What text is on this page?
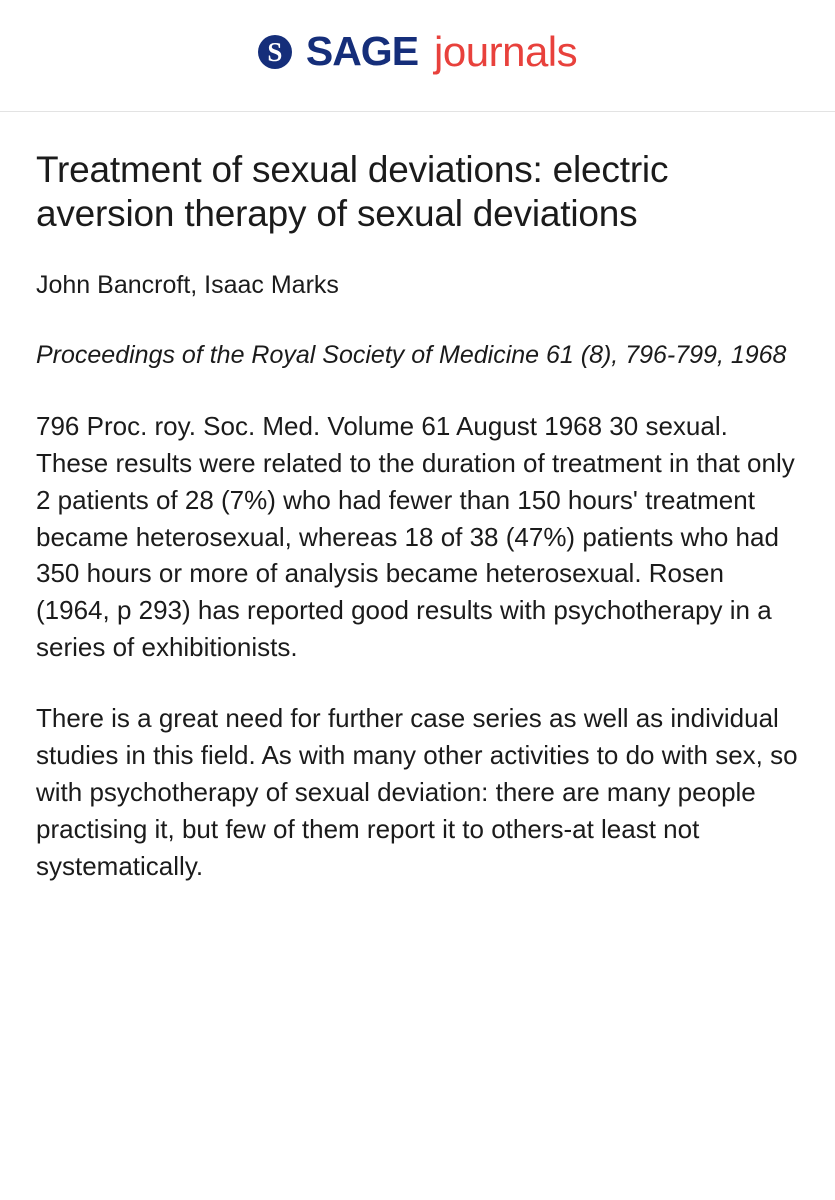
S SAGE journals
Treatment of sexual deviations: electric aversion therapy of sexual deviations
John Bancroft, Isaac Marks
Proceedings of the Royal Society of Medicine 61 (8), 796-799, 1968

796 Proc. roy. Soc. Med. Volume 61 August 1968 30 sexual. These results were related to the duration of treatment in that only 2 patients of 28 (7%) who had fewer than 150 hours' treatment became heterosexual, whereas 18 of 38 (47%) patients who had 350 hours or more of analysis became heterosexual. Rosen (1964, p 293) has reported good results with psychotherapy in a series of exhibitionists.

There is a great need for further case series as well as individual studies in this field. As with many other activities to do with sex, so with psychotherapy of sexual deviation: there are many people practising it, but few of them report it to others-at least not systematically.
